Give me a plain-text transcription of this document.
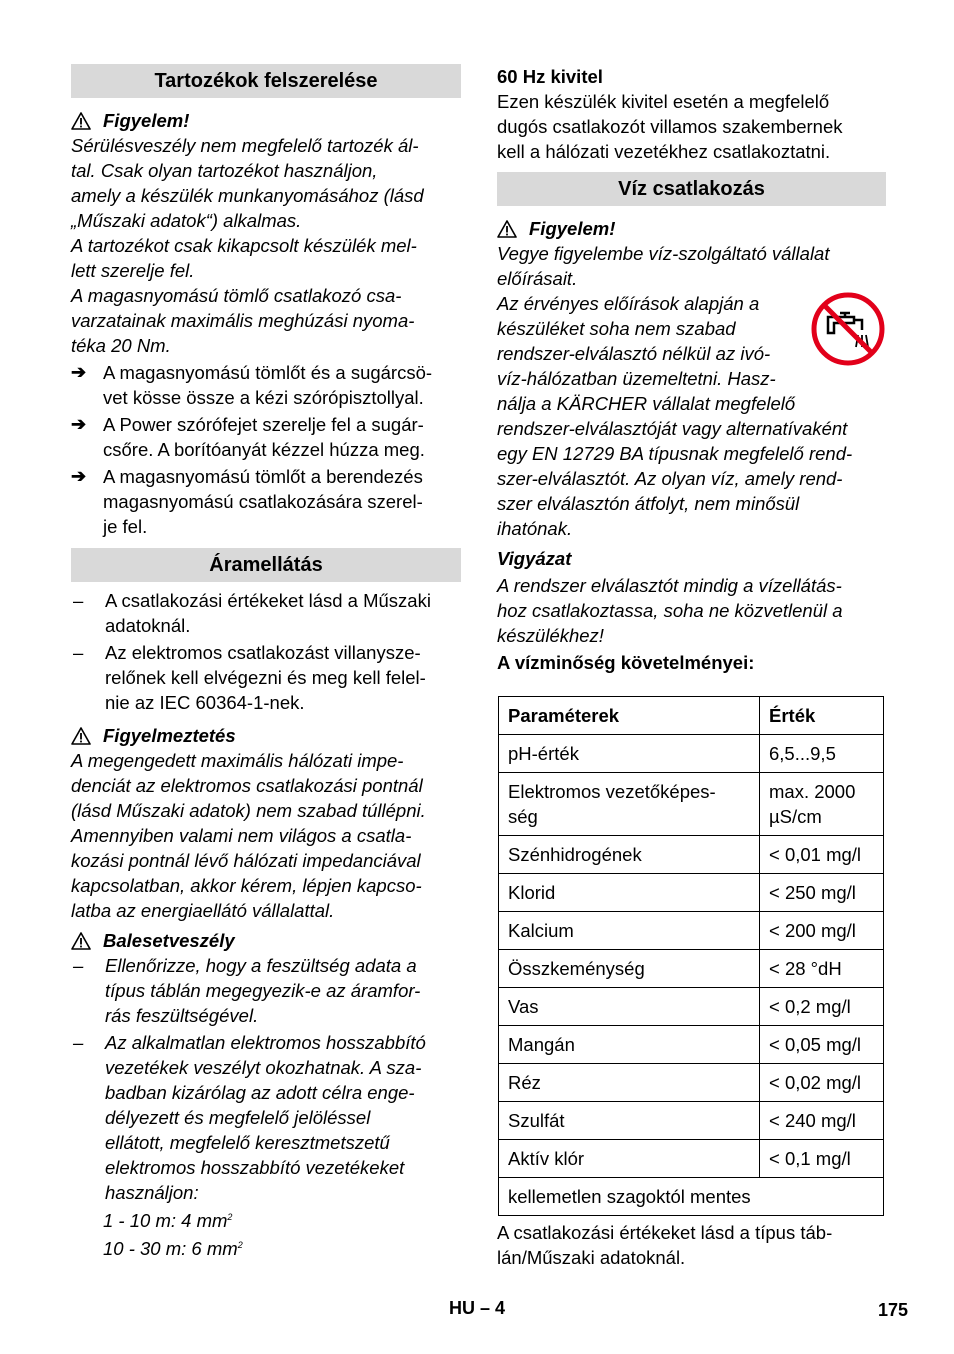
Tartozékok felszerelése
Figyelem!

Sérülésveszély nem megfelelő tartozék ál-

tal. Csak olyan tartozékot használjon,

amely a készülék munkanyomásához (lásd

„Műszaki adatok“) alkalmas.

A tartozékot csak kikapcsolt készülék mel-

lett szerelje fel.

A magasnyomású tömlő csatlakozó csa-

varzatainak maximális meghúzási nyoma-

téka 20 Nm.

➔ A magasnyomású tömlőt és a sugárcsö-
vet kösse össze a kézi szórópisztollyal.
➔ A Power szórófejet szerelje fel a sugár-
csőre. A borítóanyát kézzel húzza meg.
➔ A magasnyomású tömlőt a berendezés
magasnyomású csatlakozására szerel-
je fel.
Áramellátás
–	A csatlakozási értékeket lásd a Műszaki
adatoknál.
–	Az elektromos csatlakozást villanysze-
relőnek kell elvégezni és meg kell felel-
nie az IEC 60364-1-nek.
Figyelmeztetés

A megengedett maximális hálózati impe-

denciát az elektromos csatlakozási pontnál

(lásd Műszaki adatok) nem szabad túllépni.

Amennyiben valami nem világos a csatla-

kozási pontnál lévő hálózati impedanciával

kapcsolatban, akkor kérem, lépjen kapcso-

latba az energiaellátó vállalattal.

Balesetveszély
–	Ellenőrizze, hogy a feszültség adata a
típus táblán megegyezik-e az áramfor-
rás feszültségével.
–	Az alkalmatlan elektromos hosszabbító
vezetékek veszélyt okozhatnak. A sza-
badban kizárólag az adott célra enge-
délyezett és megfelelő jelöléssel
ellátott, megfelelő keresztmetszetű
elektromos hosszabbító vezetékeket
használjon:
1 - 10 m: 4 $mm^2$
10 - 30 m: 6 $mm^2$

60 Hz kivitel

Ezen készülék kivitel esetén a megfelelő

dugós csatlakozót villamos szakembernek

kell a hálózati vezetékhez csatlakoztatni.

Víz csatlakozás
Figyelem!

Vegye figyelembe víz-szolgáltató vállalat

előírásait.

Az érvényes előírások alapján a

készüléket soha nem szabad

rendszer-elválasztó nélkül az ivó-

víz-hálózatban üzemeltetni. Hasz-

nálja a KÄRCHER vállalat megfelelő

rendszer-elválasztóját vagy alternatívaként

egy EN 12729 BA típusnak megfelelő rend-

szer-elválasztót. Az olyan víz, amely rend-

szer elválasztón átfolyt, nem minősül

ihatónak.

Vigyázat

A rendszer elválasztót mindig a vízellátás-

hoz csatlakoztassa, soha ne közvetlenül a

készülékhez!

A vízminőség követelményei:

Paraméterek	Érték
pH-érték	6,5...9,5
Elektromos vezetőképes-
ség	max. 2000
µS/cm
Szénhidrogének	< 0,01 mg/l
Klorid	< 250 mg/l
Kalcium	< 200 mg/l
Összkeménység	< 28 °dH
Vas	< 0,2 mg/l
Mangán	< 0,05 mg/l
Réz	< 0,02 mg/l
Szulfát	< 240 mg/l
Aktív klór	< 0,1 mg/l
kellemetlen szagoktól mentes	

A csatlakozási értékeket lásd a típus táb-

lán/Műszaki adatoknál.

HU – 4	175
